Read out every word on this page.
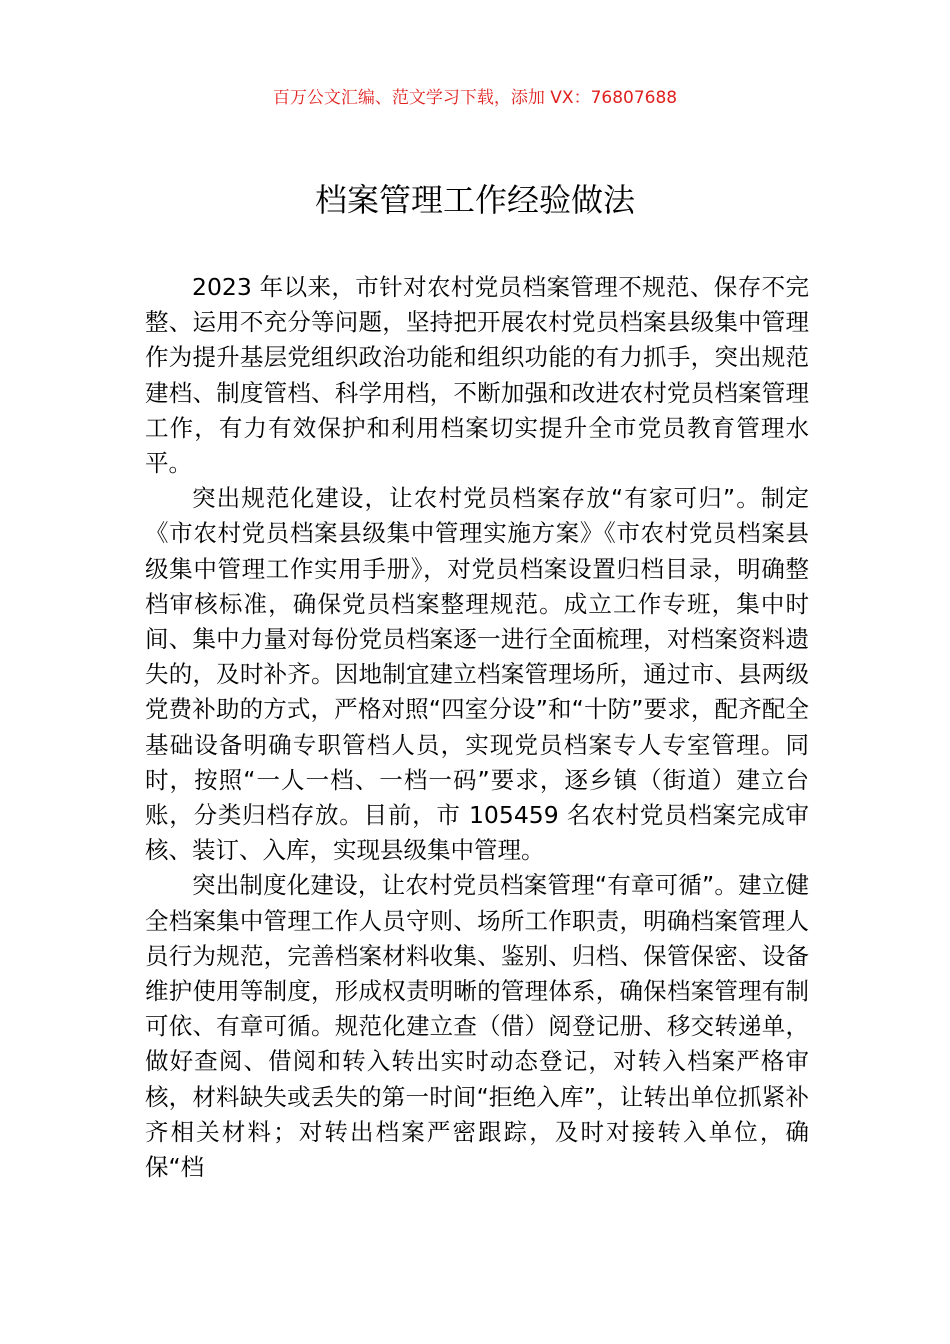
百万公文汇编、范文学习下载，添加 VX：76807688
档案管理工作经验做法

2023 年以来，市针对农村党员档案管理不规范、保存不完整、运用不充分等问题，坚持把开展农村党员档案县级集中管理作为提升基层党组织政治功能和组织功能的有力抓手，突出规范建档、制度管档、科学用档，不断加强和改进农村党员档案管理工作，有力有效保护和利用档案切实提升全市党员教育管理水平。

突出规范化建设，让农村党员档案存放“有家可归”。制定《市农村党员档案县级集中管理实施方案》《市农村党员档案县级集中管理工作实用手册》，对党员档案设置归档目录，明确整档审核标准，确保党员档案整理规范。成立工作专班，集中时间、集中力量对每份党员档案逐一进行全面梳理，对档案资料遗失的，及时补齐。因地制宜建立档案管理场所，通过市、县两级党费补助的方式，严格对照“四室分设”和“十防”要求，配齐配全基础设备明确专职管档人员，实现党员档案专人专室管理。同时，按照“一人一档、一档一码”要求，逐乡镇（街道）建立台账，分类归档存放。目前，市 105459 名农村党员档案完成审核、装订、入库，实现县级集中管理。

突出制度化建设，让农村党员档案管理“有章可循”。建立健全档案集中管理工作人员守则、场所工作职责，明确档案管理人员行为规范，完善档案材料收集、鉴别、归档、保管保密、设备维护使用等制度，形成权责明晰的管理体系，确保档案管理有制可依、有章可循。规范化建立查（借）阅登记册、移交转递单，做好查阅、借阅和转入转出实时动态登记，对转入档案严格审核，材料缺失或丢失的第一时间“拒绝入库”，让转出单位抓紧补齐相关材料；对转出档案严密跟踪，及时对接转入单位，确保“档
